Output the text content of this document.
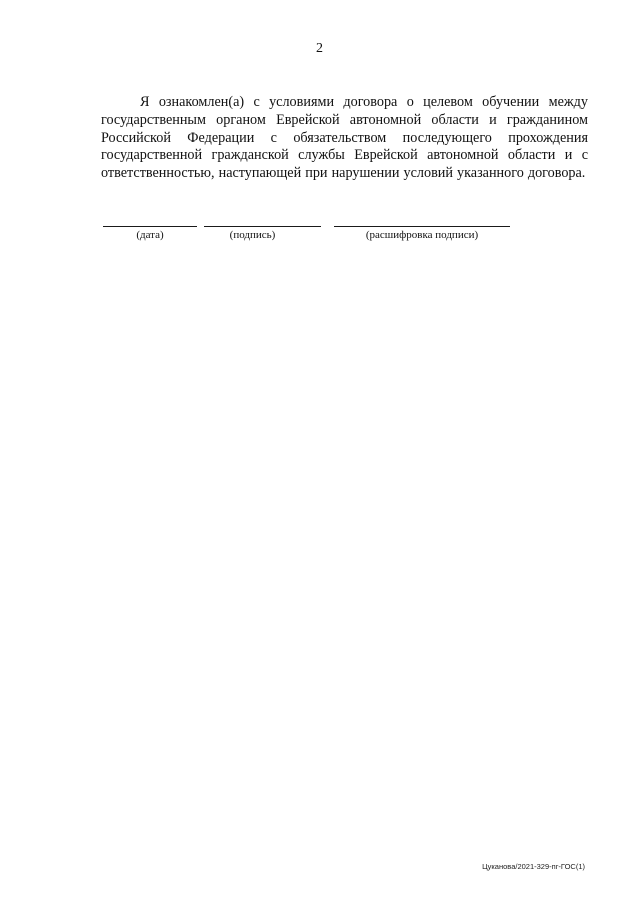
2

Я ознакомлен(а) с условиями договора о целевом обучении между государственным органом Еврейской автономной области и гражданином Российской Федерации с обязательством последующего прохождения государственной гражданской службы Еврейской автономной области и с ответственностью, наступающей при нарушении условий указанного договора.

(дата)	(подпись)	(расшифровка подписи)
Цуканова/2021-329-пг-ГОС(1)
